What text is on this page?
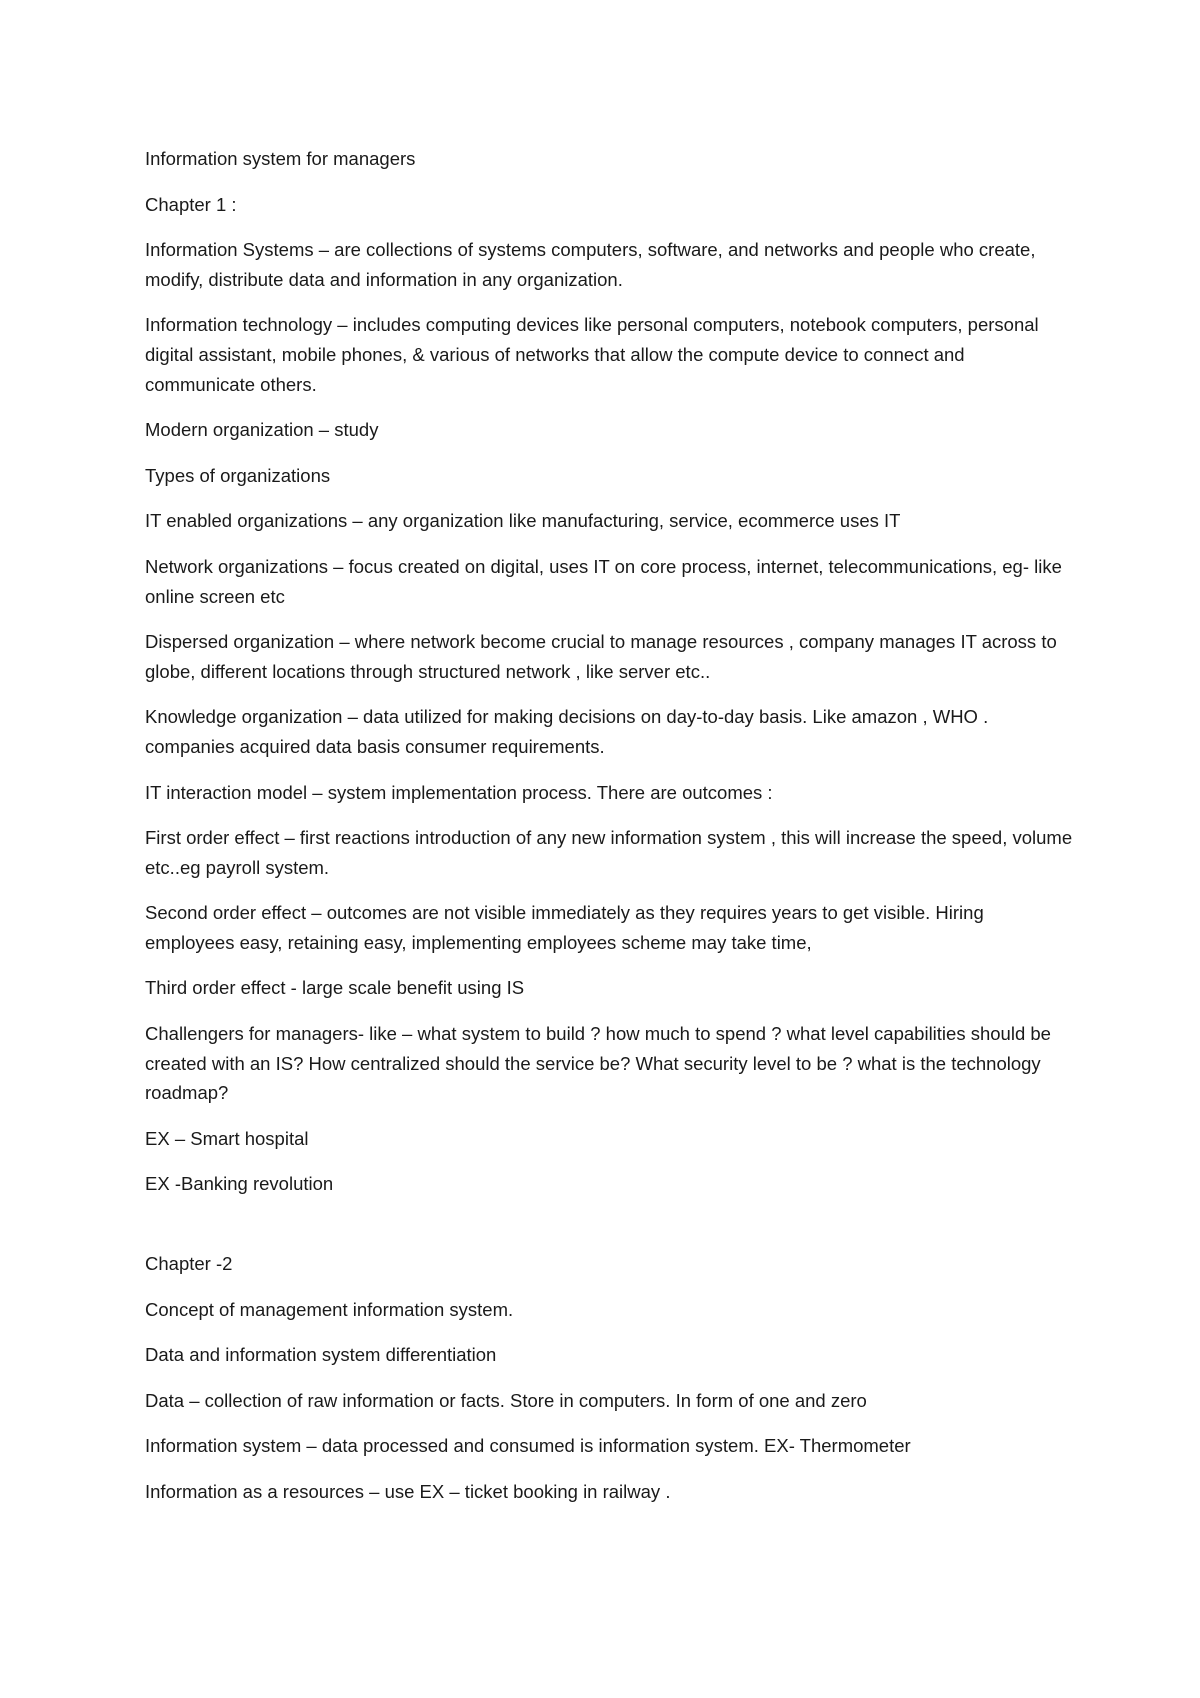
Information system for managers

Chapter 1 :

Information Systems – are collections of systems computers, software, and networks and people who create, modify, distribute data and information in any organization.

Information technology – includes computing devices like personal computers, notebook computers, personal digital assistant, mobile phones, & various of networks that allow the compute device to connect and communicate others.

Modern organization – study

Types of organizations

IT enabled organizations – any organization like manufacturing, service, ecommerce uses IT

Network organizations – focus created on digital, uses IT on core process, internet, telecommunications, eg- like online screen etc

Dispersed organization – where network become crucial to manage resources , company manages IT across to globe, different locations through structured network , like server etc..

Knowledge organization – data utilized for making decisions on day-to-day basis. Like amazon , WHO . companies acquired data basis consumer requirements.

IT interaction model – system implementation process. There are outcomes :

First order effect – first reactions introduction of any new information system , this will increase the speed, volume etc..eg payroll system.

Second order effect – outcomes are not visible immediately as they requires years to get visible. Hiring employees easy, retaining easy, implementing employees scheme may take time,

Third order effect - large scale benefit using IS

Challengers for managers- like – what system to build ? how much to spend ? what level capabilities should be created with an IS? How centralized should the service be? What security level to be ? what is the technology roadmap?

EX – Smart hospital

EX -Banking revolution

Chapter -2

Concept of management information system.

Data and information system differentiation

Data – collection of raw information or facts. Store in computers. In form of one and zero

Information system – data processed and consumed is information system. EX- Thermometer

Information as a resources – use EX – ticket booking in railway .
